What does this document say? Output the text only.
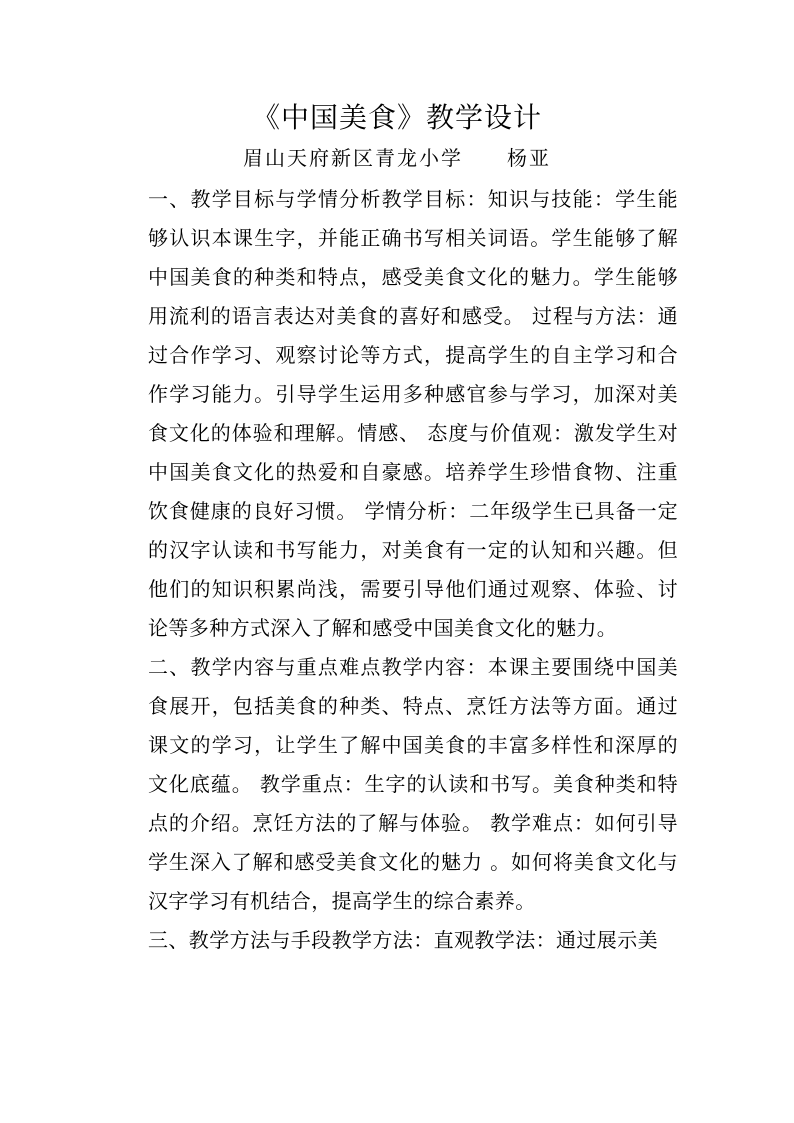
《中国美食》教学设计
眉山天府新区青龙小学 杨亚

一、教学目标与学情分析教学目标：知识与技能：学生能够认识本课生字，并能正确书写相关词语。学生能够了解中国美食的种类和特点，感受美食文化的魅力。学生能够用流利的语言表达对美食的喜好和感受。 过程与方法：通过合作学习、观察讨论等方式，提高学生的自主学习和合作学习能力。引导学生运用多种感官参与学习，加深对美食文化的体验和理解。情感、 态度与价值观：激发学生对中国美食文化的热爱和自豪感。培养学生珍惜食物、注重饮食健康的良好习惯。 学情分析：二年级学生已具备一定的汉字认读和书写能力，对美食有一定的认知和兴趣。但他们的知识积累尚浅，需要引导他们通过观察、体验、讨论等多种方式深入了解和感受中国美食文化的魅力。

二、教学内容与重点难点教学内容：本课主要围绕中国美食展开，包括美食的种类、特点、烹饪方法等方面。通过课文的学习，让学生了解中国美食的丰富多样性和深厚的文化底蕴。 教学重点：生字的认读和书写。美食种类和特点的介绍。烹饪方法的了解与体验。 教学难点：如何引导学生深入了解和感受美食文化的魅力 。如何将美食文化与汉字学习有机结合，提高学生的综合素养。

三、教学方法与手段教学方法：直观教学法：通过展示美
